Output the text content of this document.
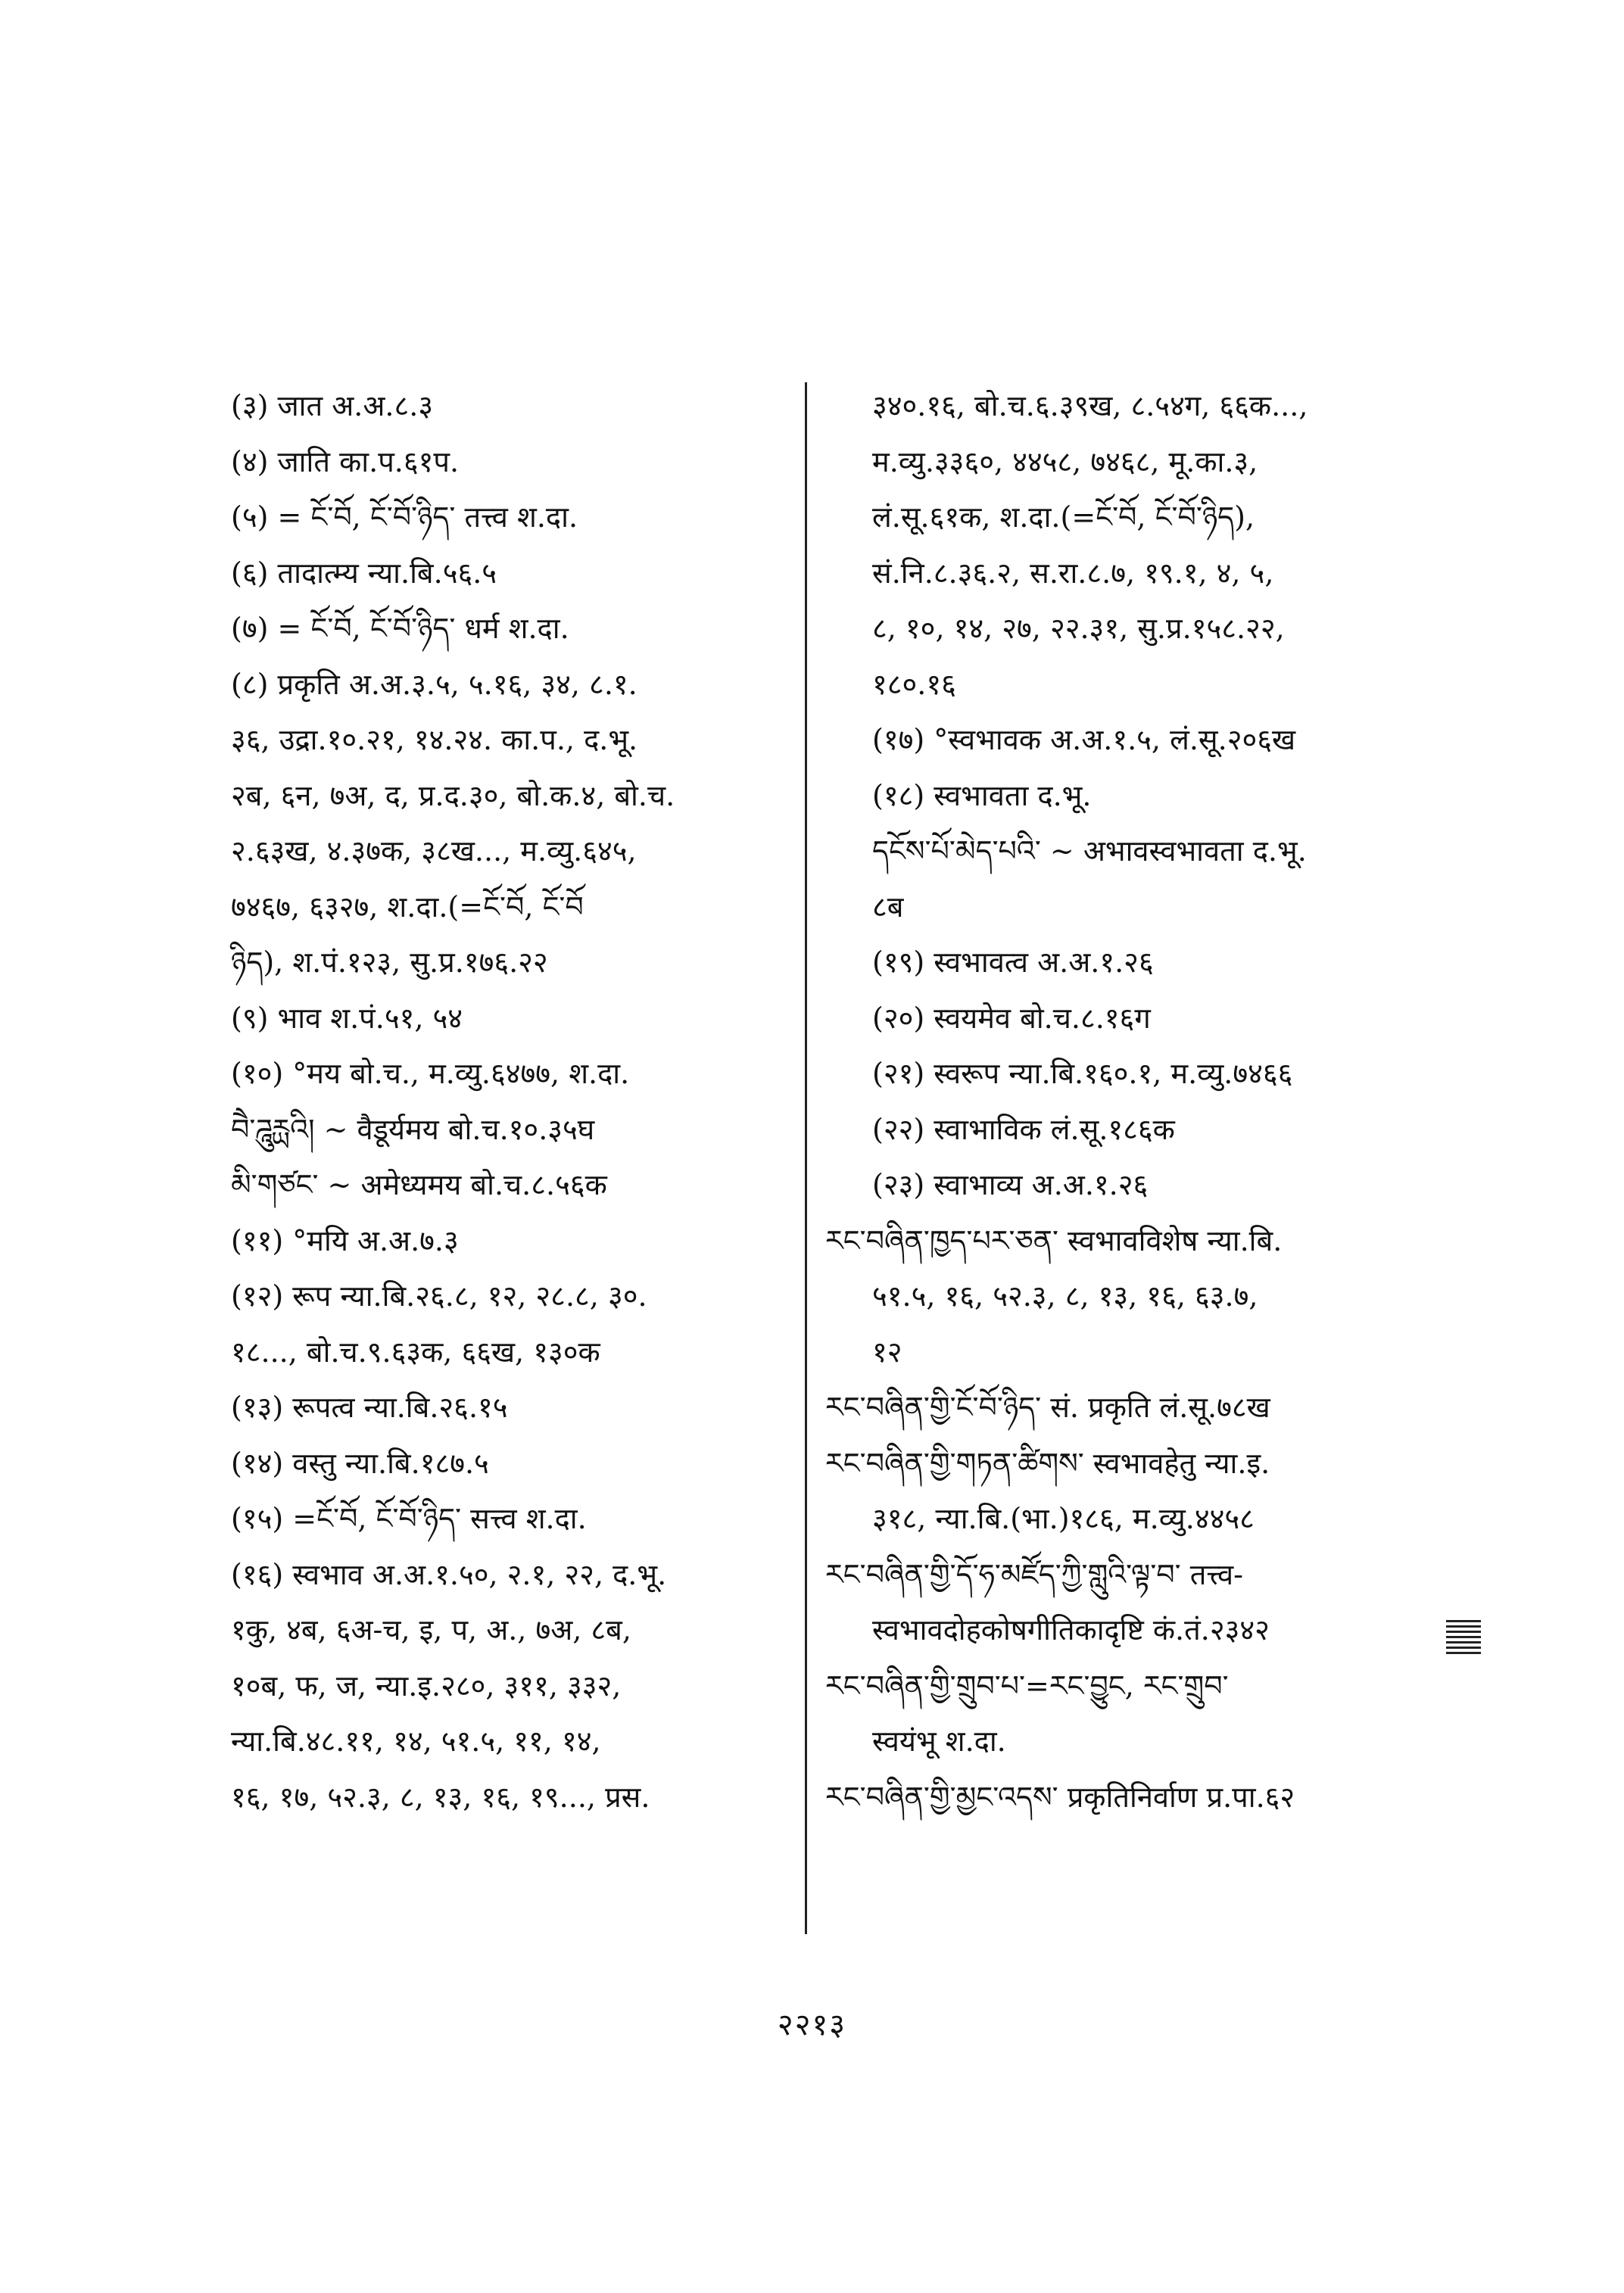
(३) जात अ.अ.८.३
(४) जाति का.प.६१प.
(५) = ངོ་བོ, ངོ་བོ་ཉིད་ तत्त्व श.दा.
(६) तादात्म्य न्या.बि.५६.५
(७) = ངོ་བོ, ངོ་བོ་ཉིད་ धर्म श.दा.
(८) प्रकृति अ.अ.३.५, ५.१६, ३४, ८.१.
३६, उद्रा.१०.२१, १४.२४. का.प., द.भू.
२ब, ६न, ७अ, द, प्र.द.३०, बो.क.४, बो.च.
२.६३ख, ४.३७क, ३८ख..., म.व्यु.६४५,
७४६७, ६३२७, श.दा.(=ངོ་བོ, ངོ་བོ
ཉིད), श.पं.१२३, सु.प्र.१७६.२२
(९) भाव श.पं.५१, ५४
(१०) °मय बो.च., म.व्यु.६४७७, श.दा.
བཻ་ཌཱུརྻའི། ~ वैडूर्यमय बो.च.१०.३५घ
མི་གཙང་ ~ अमेध्यमय बो.च.८.५६क
(११) °मयि अ.अ.७.३
(१२) रूप न्या.बि.२६.८, १२, २८.८, ३०.
१८..., बो.च.९.६३क, ६६ख, १३०क
(१३) रूपत्व न्या.बि.२६.१५
(१४) वस्तु न्या.बि.१८७.५
(१५) =ངོ་བོ, ངོ་བོ་ཉིད་ सत्त्व श.दा.
(१६) स्वभाव अ.अ.१.५०, २.१, २२, द.भू.
१कु, ४ब, ६अ-च, इ, प, अ., ७अ, ८ब,
१०ब, फ, ज, न्या.इ.२८०, ३११, ३३२,
न्या.बि.४८.११, १४, ५१.५, ११, १४,
१६, १७, ५२.३, ८, १३, १६, १९..., प्रस.
३४०.१६, बो.च.६.३९ख, ८.५४ग, ६६क...,
म.व्यु.३३६०, ४४५८, ७४६८, मू.का.३,
लं.सू.६१क, श.दा.(=ངོ་བོ, ངོ་བོ་ཉིད),
सं.नि.८.३६.२, स.रा.८.७, १९.१, ४, ५,
८, १०, १४, २७, २२.३१, सु.प्र.१५८.२२,
१८०.१६
(१७) °स्वभावक अ.अ.१.५, लं.सू.२०६ख
(१८) स्वभावता द.भू.
དངོས་པོ་མེད་པའི་ ~ अभावस्वभावता द.भू.
८ब
(१९) स्वभावत्व अ.अ.१.२६
(२०) स्वयमेव बो.च.८.१६ग
(२१) स्वरूप न्या.बि.१६०.१, म.व्यु.७४६६
(२२) स्वाभाविक लं.सू.१८६क
(२३) स्वाभाव्य अ.अ.१.२६
རང་བཞིན་ཁྱད་པར་ཅན་ स्वभावविशेष न्या.बि.
५१.५, १६, ५२.३, ८, १३, १६, ६३.७,
१२
རང་བཞིན་གྱི་ངོ་བོ་ཉིད་ सं. प्रकृति लं.सू.७८ख
རང་བཞིན་གྱི་གཏན་ཚིགས་ स्वभावहेतु न्या.इ.
३१८, न्या.बि.(भा.)१८६, म.व्यु.४४५८
རང་བཞིན་གྱི་དོ་ཧ་མཛོད་ཀྱི་གླུའི་ལྟ་བ་ तत्त्व-
स्वभावदोहकोषगीतिकादृष्टि कं.तं.२३४२
རང་བཞིན་གྱི་གྲུབ་པ་=རང་བྱུང, རང་གྲུབ་
स्वयंभू श.दा.
རང་བཞིན་གྱི་མྱང་འདས་ प्रकृतिनिर्वाण प्र.पा.६२
२२१३
